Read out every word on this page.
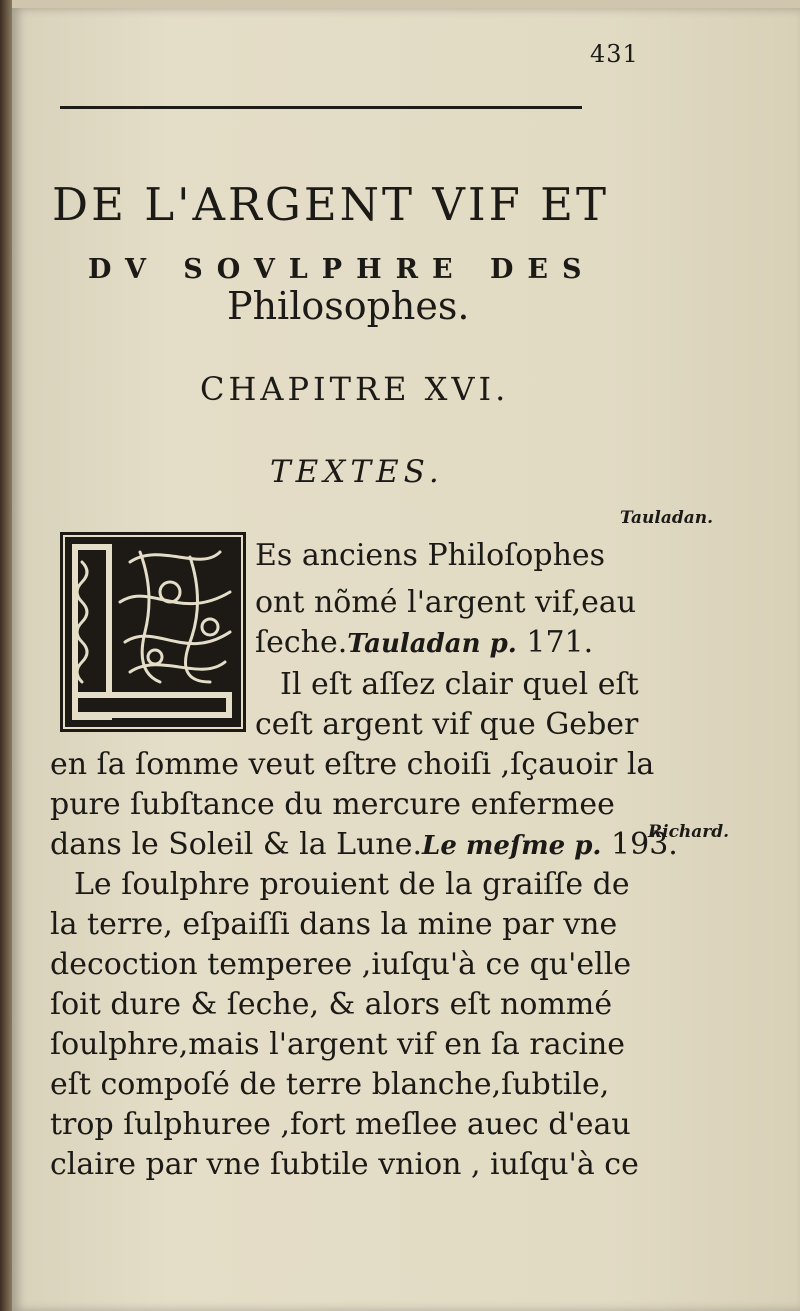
431
DE L'ARGENT VIF ET
DV SOVLPHRE DES
Philosophes.
CHAPITRE XVI.
TEXTES.
Tauladan.
Richard.
Es anciens Philoſophes
ont nõmé l'argent vif,eau
ſeche.Tauladan p. 171.
Il eſt aſſez clair quel eſt
ceſt argent vif que Geber
en ſa ſomme veut eſtre choiſi ,ſçauoir la
pure ſubſtance du mercure enfermee
dans le Soleil & la Lune.Le meſme p. 193.
Le ſoulphre prouient de la graiſſe de
la terre, eſpaiſſi dans la mine par vne
decoction temperee ,iuſqu'à ce qu'elle
ſoit dure & ſeche, & alors eſt nommé
ſoulphre,mais l'argent vif en ſa racine
eſt compoſé de terre blanche,ſubtile,
trop ſulphuree ,fort meſlee auec d'eau
claire par vne ſubtile vnion , iuſqu'à ce
